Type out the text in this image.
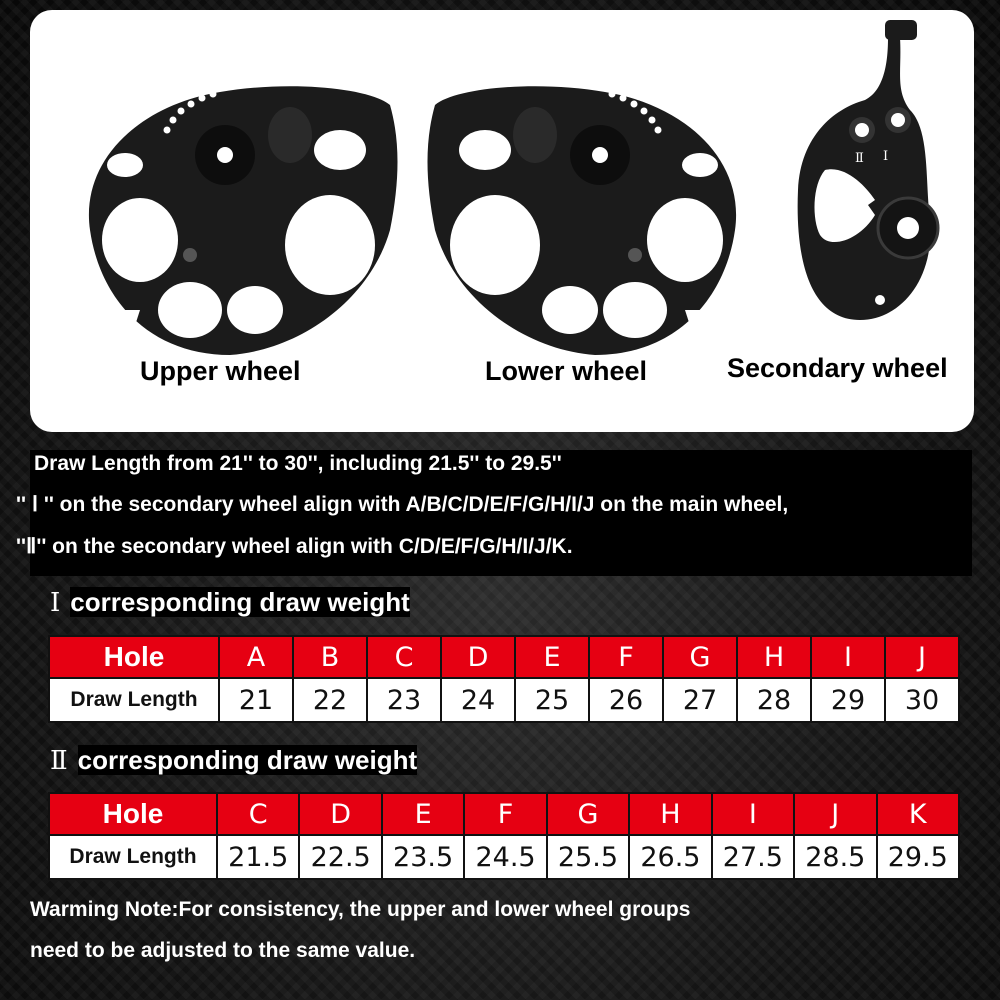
Upper wheel	Lower wheel
Ⅱ Ⅰ
Secondary wheel
Draw Length from 21'' to 30'', including 21.5'' to 29.5''
'' Ⅰ '' on the secondary wheel align with A/B/C/D/E/F/G/H/I/J on the main wheel,
''Ⅱ'' on the secondary wheel align with C/D/E/F/G/H/I/J/K.
Ⅰ corresponding draw weight
Hole	A	B	C	D	E	F	G	H	I	J
Draw Length	21	22	23	24	25	26	27	28	29	30
Ⅱ corresponding draw weight
Hole	C	D	E	F	G	H	I	J	K
Draw Length	21.5	22.5	23.5	24.5	25.5	26.5	27.5	28.5	29.5
Warming Note:For consistency, the upper and lower wheel groups
need to be adjusted to the same value.
